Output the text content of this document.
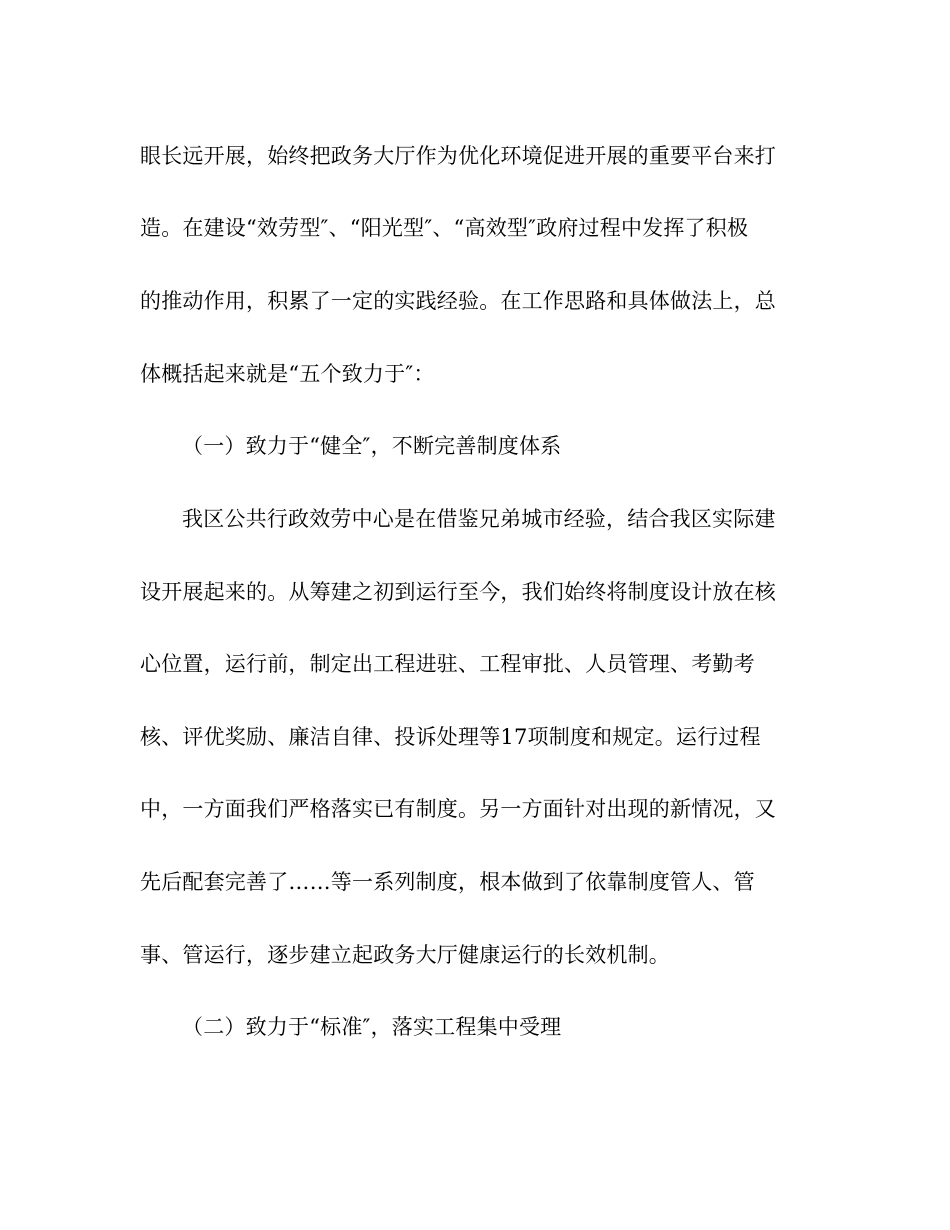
眼长远开展，始终把政务大厅作为优化环境促进开展的重要平台来打
造。在建设“效劳型″、“阳光型″、“高效型″政府过程中发挥了积极
的推动作用，积累了一定的实践经验。在工作思路和具体做法上，总
体概括起来就是“五个致力于″：
（一）致力于“健全″，不断完善制度体系
我区公共行政效劳中心是在借鉴兄弟城市经验，结合我区实际建
设开展起来的。从筹建之初到运行至今，我们始终将制度设计放在核
心位置，运行前，制定出工程进驻、工程审批、人员管理、考勤考
核、评优奖励、廉洁自律、投诉处理等17项制度和规定。运行过程
中，一方面我们严格落实已有制度。另一方面针对出现的新情况，又
先后配套完善了……等一系列制度，根本做到了依靠制度管人、管
事、管运行，逐步建立起政务大厅健康运行的长效机制。
（二）致力于“标准″，落实工程集中受理
